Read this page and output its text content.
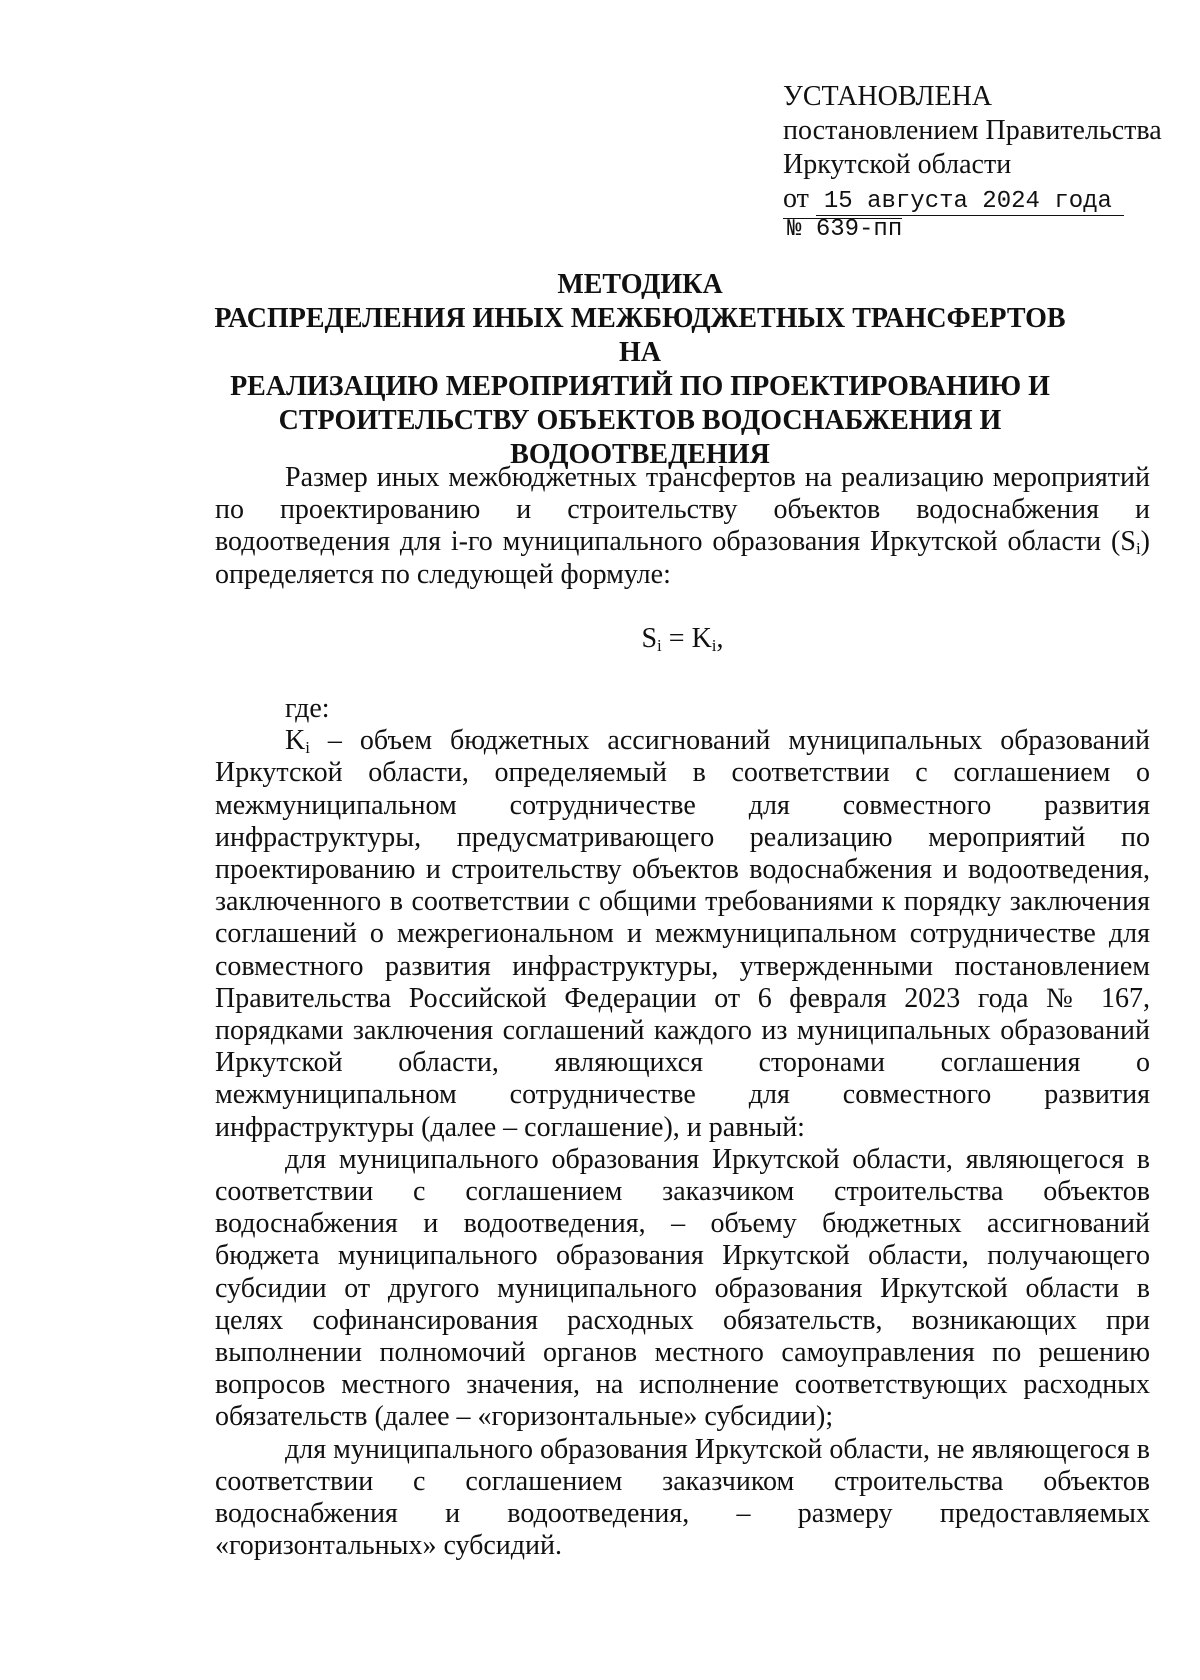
УСТАНОВЛЕНА
постановлением Правительства
Иркутской области
от 15 августа 2024 года
№ 639-пп
МЕТОДИКА
РАСПРЕДЕЛЕНИЯ ИНЫХ МЕЖБЮДЖЕТНЫХ ТРАНСФЕРТОВ НА
РЕАЛИЗАЦИЮ МЕРОПРИЯТИЙ ПО ПРОЕКТИРОВАНИЮ И
СТРОИТЕЛЬСТВУ ОБЪЕКТОВ ВОДОСНАБЖЕНИЯ И
ВОДООТВЕДЕНИЯ

Размер иных межбюджетных трансфертов на реализацию мероприятий по проектированию и строительству объектов водоснабжения и водоотведения для i-го муниципального образования Иркутской области $(S_i)$ определяется по следующей формуле:

$S_i = K_i$,

где:

$K_i$ – объем бюджетных ассигнований муниципальных образований Иркутской области, определяемый в соответствии с соглашением о межмуниципальном сотрудничестве для совместного развития инфраструктуры, предусматривающего реализацию мероприятий по проектированию и строительству объектов водоснабжения и водоотведения, заключенного в соответствии с общими требованиями к порядку заключения соглашений о межрегиональном и межмуниципальном сотрудничестве для совместного развития инфраструктуры, утвержденными постановлением Правительства Российской Федерации от 6 февраля 2023 года № 167, порядками заключения соглашений каждого из муниципальных образований Иркутской области, являющихся сторонами соглашения о межмуниципальном сотрудничестве для совместного развития инфраструктуры (далее – соглашение), и равный:

для муниципального образования Иркутской области, являющегося в соответствии с соглашением заказчиком строительства объектов водоснабжения и водоотведения, – объему бюджетных ассигнований бюджета муниципального образования Иркутской области, получающего субсидии от другого муниципального образования Иркутской области в целях софинансирования расходных обязательств, возникающих при выполнении полномочий органов местного самоуправления по решению вопросов местного значения, на исполнение соответствующих расходных обязательств (далее – «горизонтальные» субсидии);

для муниципального образования Иркутской области, не являющегося в соответствии с соглашением заказчиком строительства объектов водоснабжения и водоотведения, – размеру предоставляемых «горизонтальных» субсидий.
